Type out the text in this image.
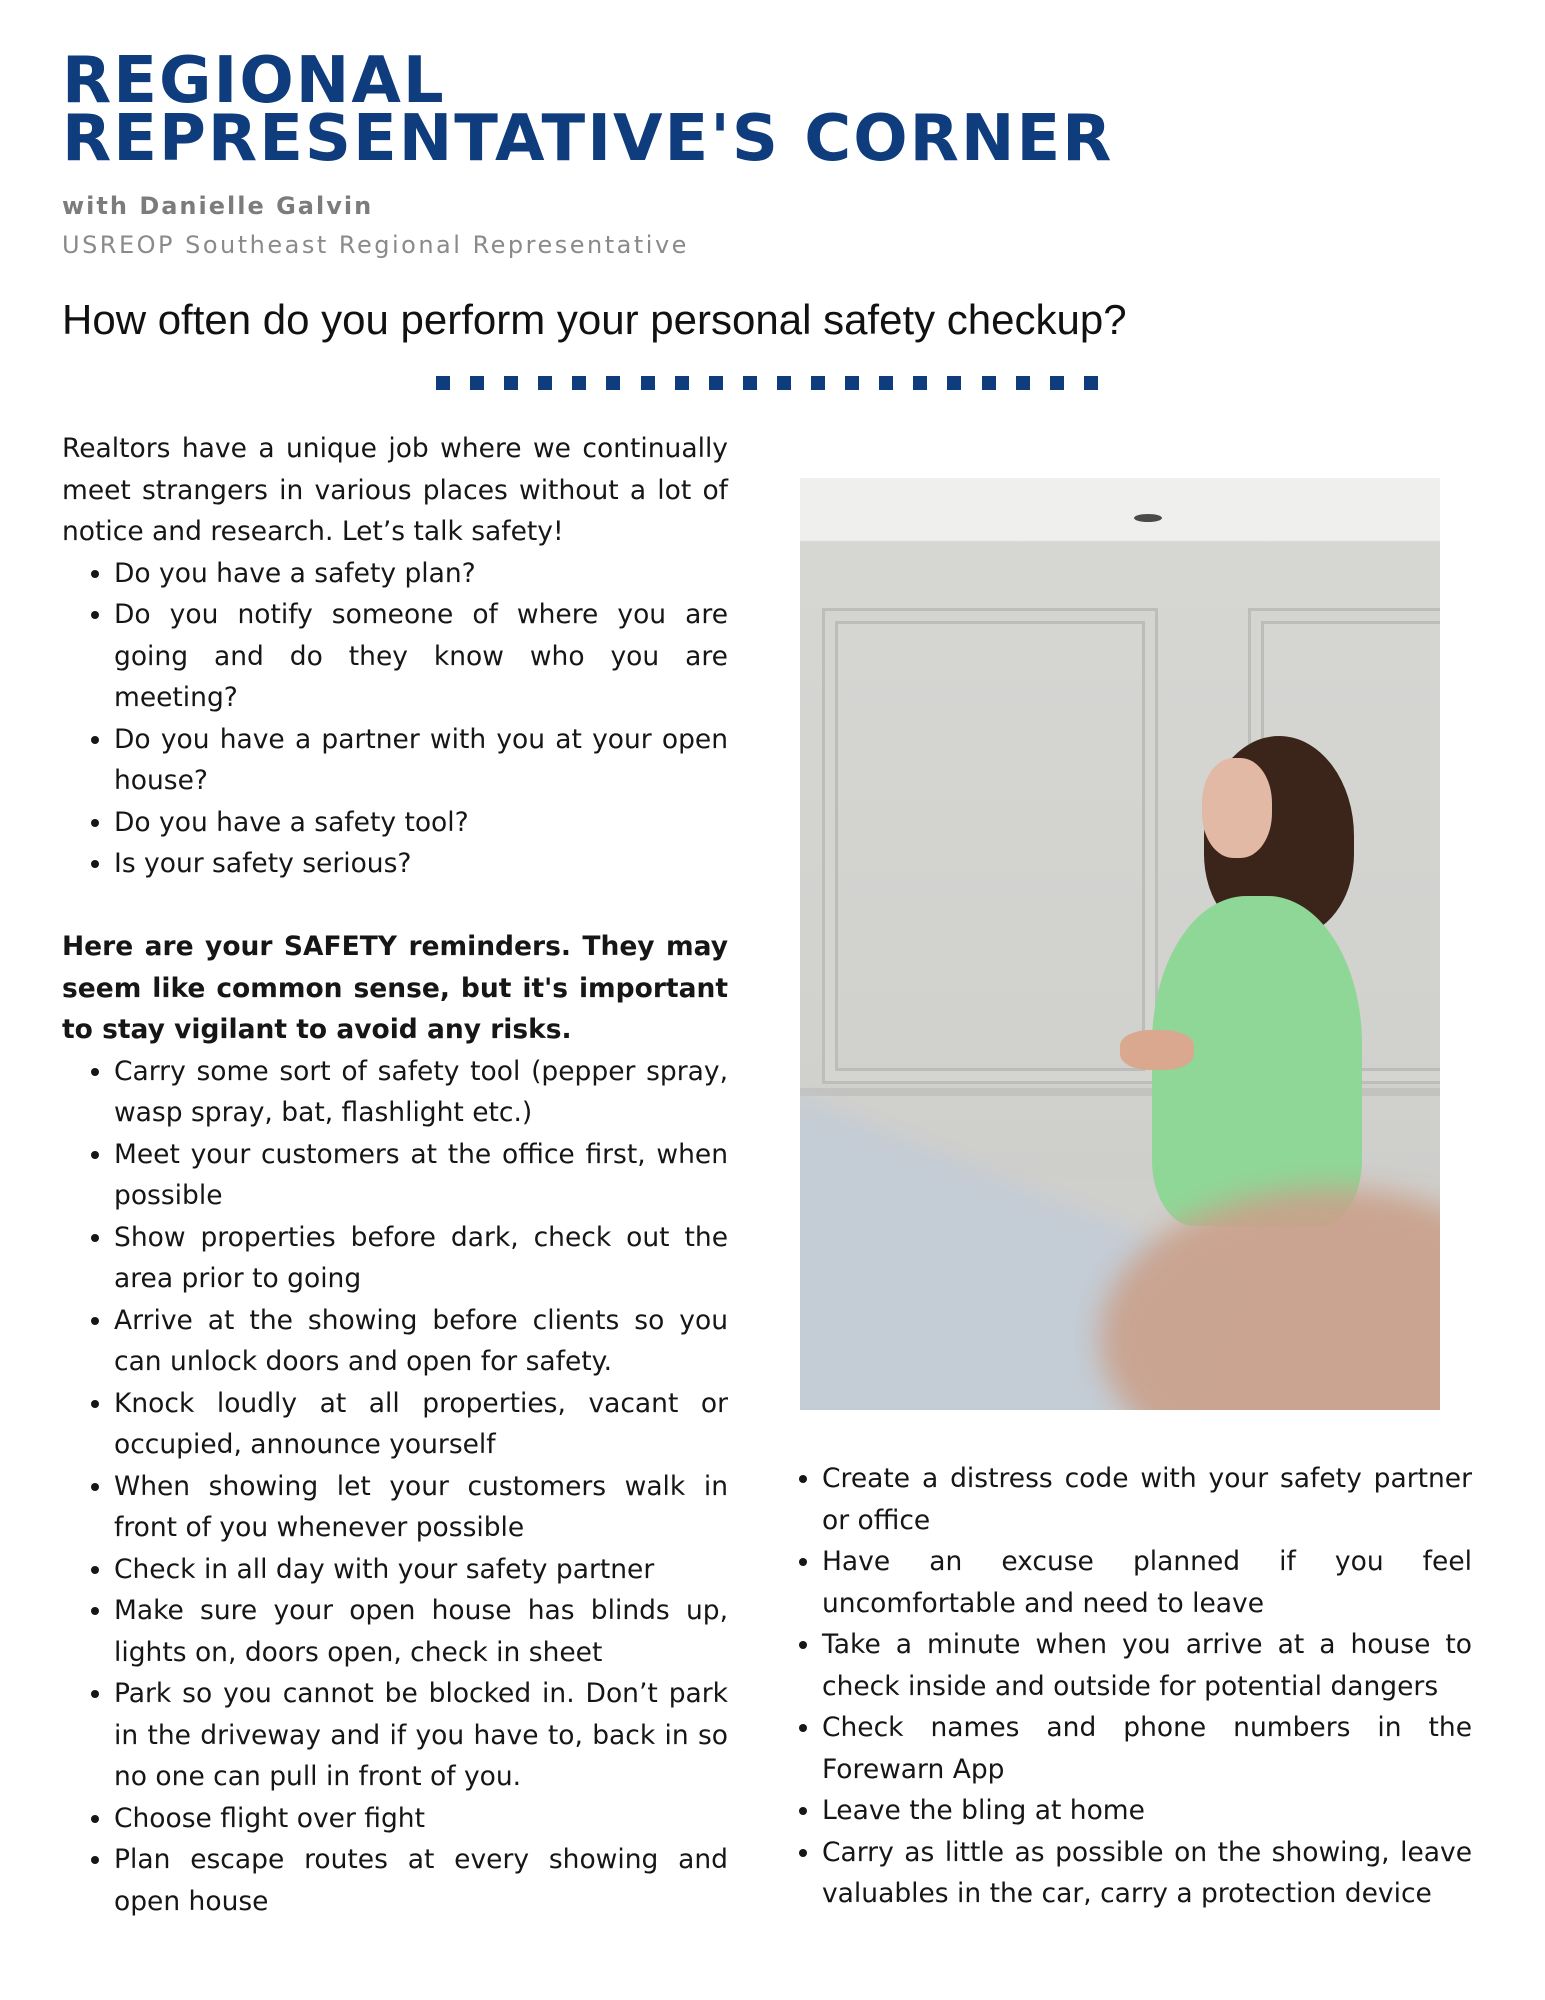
REGIONAL
REPRESENTATIVE'S CORNER
with Danielle Galvin
USREOP Southeast Regional Representative
How often do you perform your personal safety checkup?

Realtors have a unique job where we continually meet strangers in various places without a lot of notice and research. Let’s talk safety!

• Do you have a safety plan?
• Do you notify someone of where you are going and do they know who you are meeting?
• Do you have a partner with you at your open house?
• Do you have a safety tool?
• Is your safety serious?

Here are your SAFETY reminders. They may seem like common sense, but it's important to stay vigilant to avoid any risks.

• Carry some sort of safety tool (pepper spray, wasp spray, bat, flashlight etc.)
• Meet your customers at the office first, when possible
• Show properties before dark, check out the area prior to going
• Arrive at the showing before clients so you can unlock doors and open for safety.
• Knock loudly at all properties, vacant or occupied, announce yourself
• When showing let your customers walk in front of you whenever possible
• Check in all day with your safety partner
• Make sure your open house has blinds up, lights on, doors open, check in sheet
• Park so you cannot be blocked in. Don’t park in the driveway and if you have to, back in so no one can pull in front of you.
• Choose flight over fight
• Plan escape routes at every showing and open house
• Create a distress code with your safety partner or office
• Have an excuse planned if you feel uncomfortable and need to leave
• Take a minute when you arrive at a house to check inside and outside for potential dangers
• Check names and phone numbers in the Forewarn App
• Leave the bling at home
• Carry as little as possible on the showing, leave valuables in the car, carry a protection device
